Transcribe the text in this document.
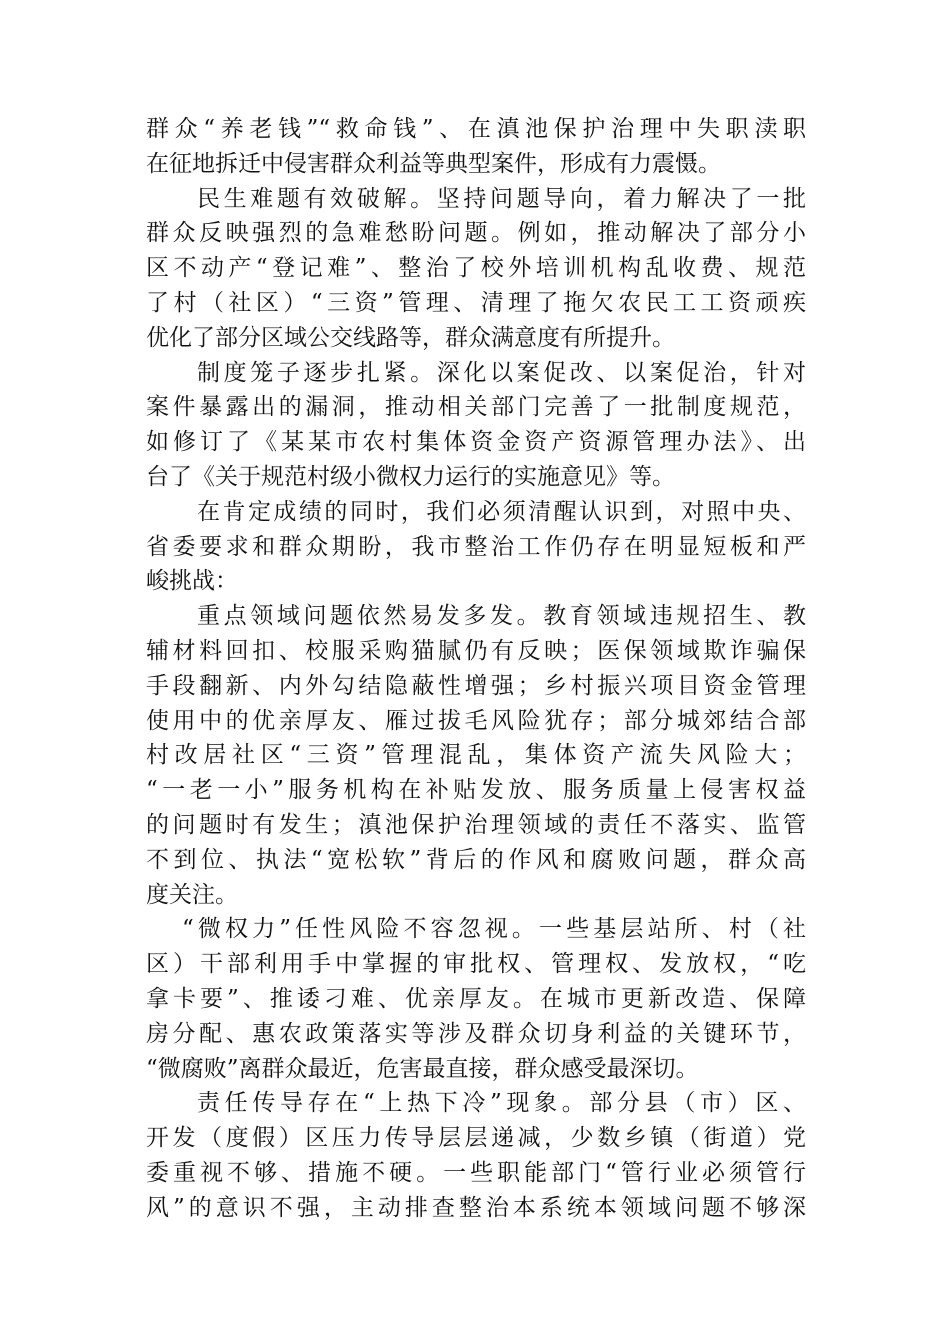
群众“养老钱”“救命钱”、在滇池保护治理中失职渎职
在征地拆迁中侵害群众利益等典型案件，形成有力震慑。
民生难题有效破解。坚持问题导向，着力解决了一批
群众反映强烈的急难愁盼问题。例如，推动解决了部分小
区不动产“登记难”、整治了校外培训机构乱收费、规范
了村（社区）“三资”管理、清理了拖欠农民工工资顽疾
优化了部分区域公交线路等，群众满意度有所提升。
制度笼子逐步扎紧。深化以案促改、以案促治，针对
案件暴露出的漏洞，推动相关部门完善了一批制度规范，
如修订了《某某市农村集体资金资产资源管理办法》、出
台了《关于规范村级小微权力运行的实施意见》等。
在肯定成绩的同时，我们必须清醒认识到，对照中央、
省委要求和群众期盼，我市整治工作仍存在明显短板和严
峻挑战：
重点领域问题依然易发多发。教育领域违规招生、教
辅材料回扣、校服采购猫腻仍有反映；医保领域欺诈骗保
手段翻新、内外勾结隐蔽性增强；乡村振兴项目资金管理
使用中的优亲厚友、雁过拔毛风险犹存；部分城郊结合部
村改居社区“三资”管理混乱，集体资产流失风险大；
“一老一小”服务机构在补贴发放、服务质量上侵害权益
的问题时有发生；滇池保护治理领域的责任不落实、监管
不到位、执法“宽松软”背后的作风和腐败问题，群众高
度关注。
“微权力”任性风险不容忽视。一些基层站所、村（社
区）干部利用手中掌握的审批权、管理权、发放权，“吃
拿卡要”、推诿刁难、优亲厚友。在城市更新改造、保障
房分配、惠农政策落实等涉及群众切身利益的关键环节，
“微腐败”离群众最近，危害最直接，群众感受最深切。
责任传导存在“上热下冷”现象。部分县（市）区、
开发（度假）区压力传导层层递减，少数乡镇（街道）党
委重视不够、措施不硬。一些职能部门“管行业必须管行
风”的意识不强，主动排查整治本系统本领域问题不够深
